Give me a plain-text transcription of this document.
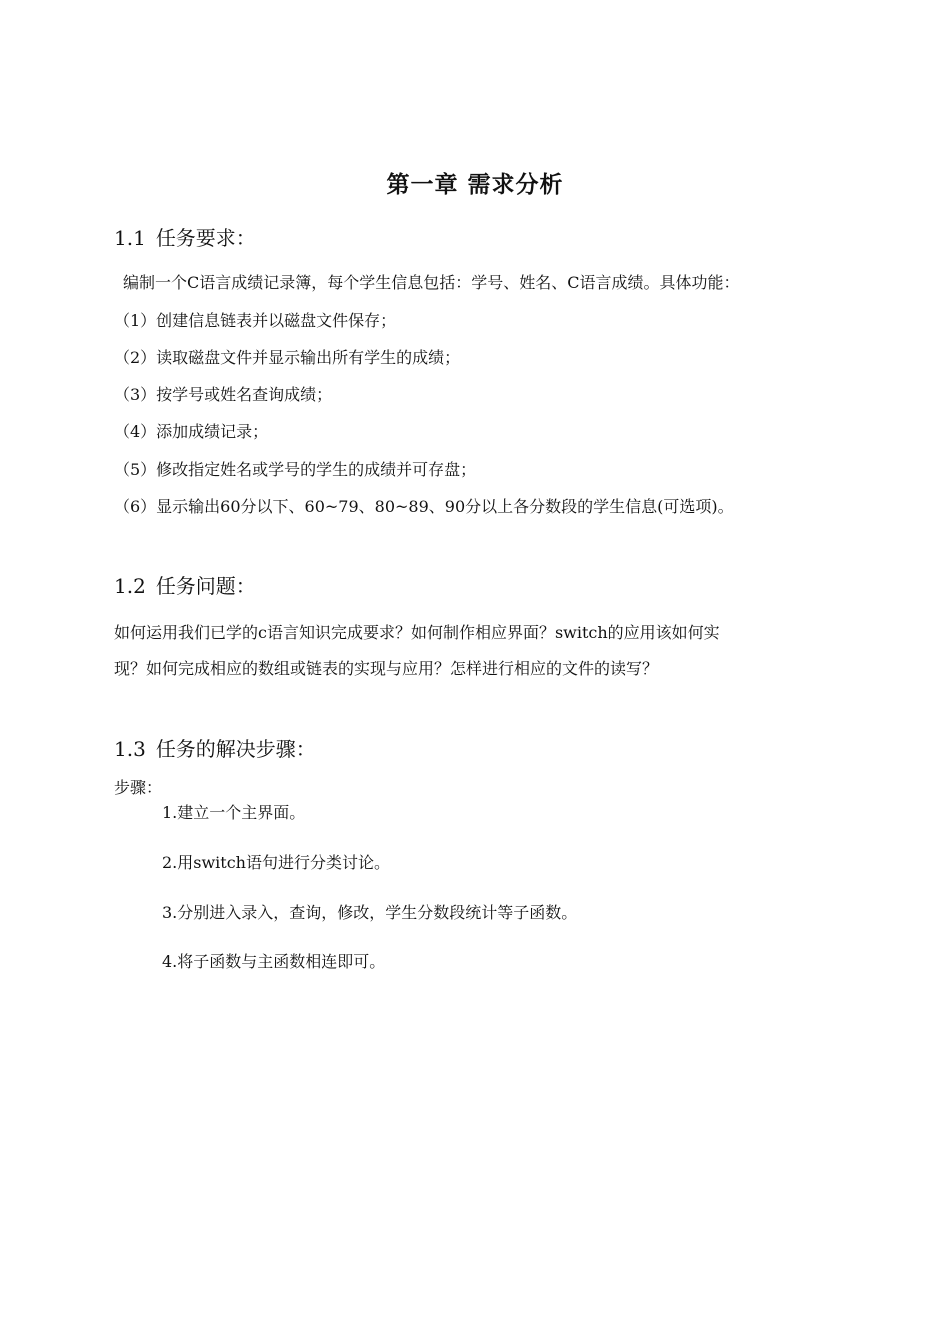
第一章 需求分析
1.1 任务要求：

编制一个C语言成绩记录簿，每个学生信息包括：学号、姓名、C语言成绩。具体功能：

（1）创建信息链表并以磁盘文件保存；

（2）读取磁盘文件并显示输出所有学生的成绩；

（3）按学号或姓名查询成绩；

（4）添加成绩记录；

（5）修改指定姓名或学号的学生的成绩并可存盘；

（6）显示输出60分以下、60~79、80~89、90分以上各分数段的学生信息(可选项)。

1.2 任务问题：

如何运用我们已学的c语言知识完成要求？如何制作相应界面？switch的应用该如何实

现？如何完成相应的数组或链表的实现与应用？怎样进行相应的文件的读写？

1.3 任务的解决步骤：

步骤：

1.建立一个主界面。

2.用switch语句进行分类讨论。

3.分别进入录入，查询，修改，学生分数段统计等子函数。

4.将子函数与主函数相连即可。
